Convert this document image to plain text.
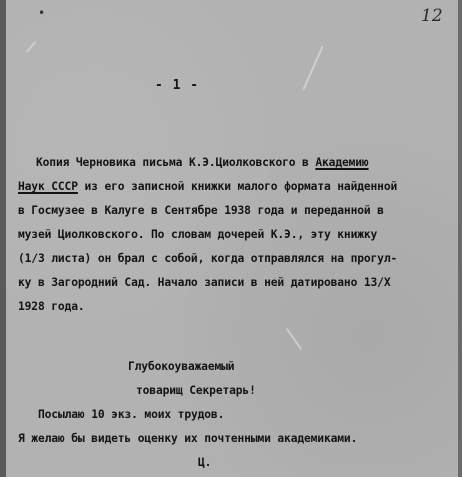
•	12
- 1 -
Копия Черновика письма К.Э.Циолковского в Академию
Наук СССР из его записной книжки малого формата найденной
в Госмузее в Калуге в Сентябре 1938 года и переданной в
музей Циолковского. По словам дочерей К.Э., эту книжку
(1/3 листа) он брал с собой, когда отправлялся на прогул-
ку в Загородний Сад. Начало записи в ней датировано 13/X
1928 года.
Глубокоуважаемый
товарищ Секретарь!
Посылаю 10 экз. моих трудов.
Я желаю бы видеть оценку их почтенными академиками.
Ц.
